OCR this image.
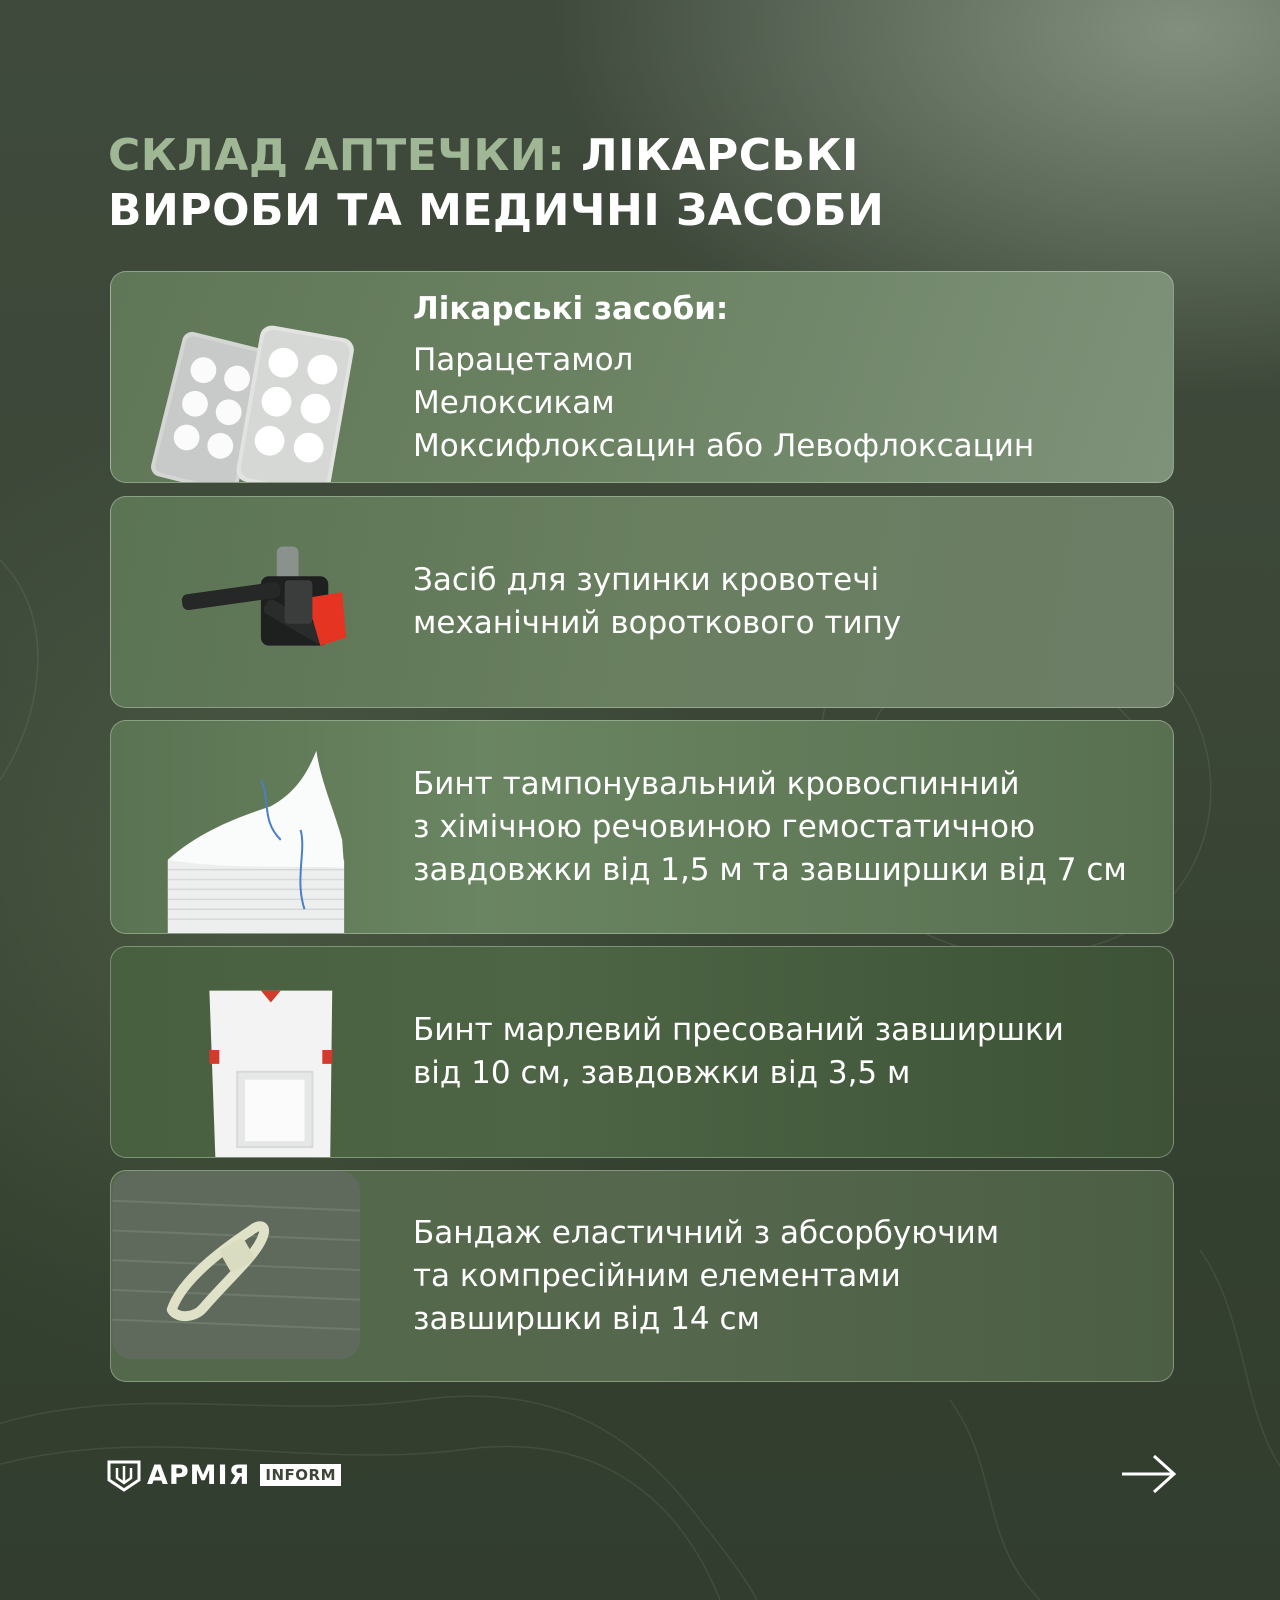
СКЛАД АПТЕЧКИ: ЛІКАРСЬКІ
ВИРОБИ ТА МЕДИЧНІ ЗАСОБИ
Лікарські засоби:
Парацетамол
Мелоксикам
Моксифлоксацин або Левофлоксацин
Засіб для зупинки кровотечі
механічний вороткового типу
Бинт тампонувальний кровоспинний
з хімічною речовиною гемостатичною
завдовжки від 1,5 м та завширшки від 7 см
Бинт марлевий пресований завширшки
від 10 см, завдовжки від 3,5 м
Бандаж еластичний з абсорбуючим
та компресійним елементами
завширшки від 14 см
АРМІЯ	INFORM
